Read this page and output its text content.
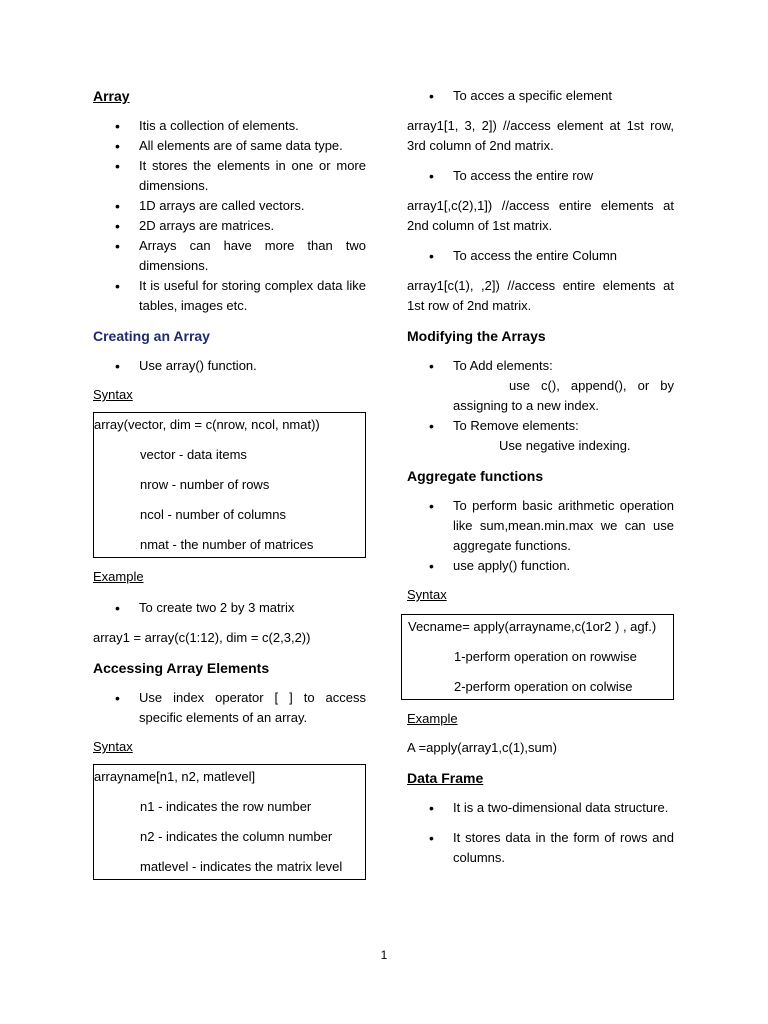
Array
• Itis a collection of elements.
• All elements are of same data type.
• It stores the elements in one or more dimensions.
• 1D arrays are called vectors.
• 2D arrays are matrices.
• Arrays can have more than two dimensions.
• It is useful for storing complex data like tables, images etc.
Creating an Array
• Use array() function.
Syntax
array(vector, dim = c(nrow, ncol, nmat))
vector - data items
nrow - number of rows
ncol - number of columns
nmat - the number of matrices
Example
• To create two 2 by 3 matrix

array1 = array(c(1:12), dim = c(2,3,2))

Accessing Array Elements
• Use index operator [ ] to access specific elements of an array.
Syntax
arrayname[n1, n2, matlevel]
n1 - indicates the row number
n2 - indicates the column number
matlevel - indicates the matrix level
• To acces a specific element

array1[1, 3, 2]) //access element at 1st row, 3rd column of 2nd matrix.

• To access the entire row

array1[,c(2),1]) //access entire elements at 2nd column of 1st matrix.

• To access the entire Column

array1[c(1), ,2]) //access entire elements at 1st row of 2nd matrix.

Modifying the Arrays
• To Add elements:
use c(), append(), or by assigning to a new index.
• To Remove elements:
Use negative indexing.
Aggregate functions
• To perform basic arithmetic operation like sum,mean.min.max we can use aggregate functions.
• use apply() function.
Syntax
Vecname= apply(arrayname,c(1or2 ) , agf.)
1-perform operation on rowwise
2-perform operation on colwise
Example

A =apply(array1,c(1),sum)

Data Frame
• It is a two-dimensional data structure.
• It stores data in the form of rows and columns.
1
